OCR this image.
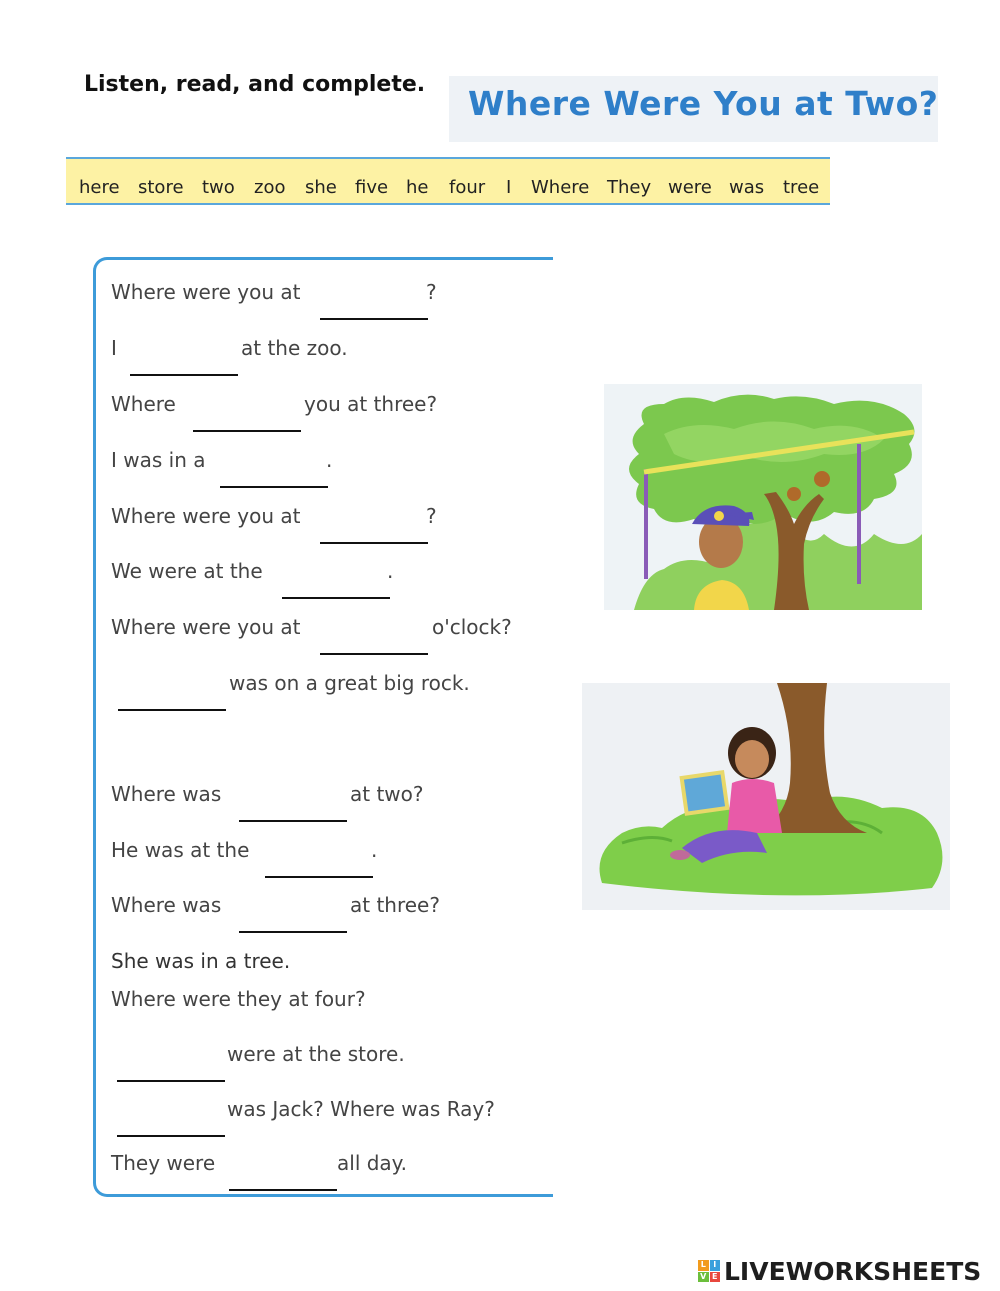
Listen, read, and complete. Where Were You at Two?
here store two zoo she five he four I Where They were was tree
Where were you at	?
I	at the zoo.
Where	you at three?
I was in a	.
Where were you at	?
We were at the	.
Where were you at	o'clock?
was on a great big rock.
Where was	at two?
He was at the	.
Where was	at three?
She was in a tree.
Where were they at four?
were at the store.
was Jack? Where was Ray?
They were	all day.
L I
V E LIVEWORKSHEETS
